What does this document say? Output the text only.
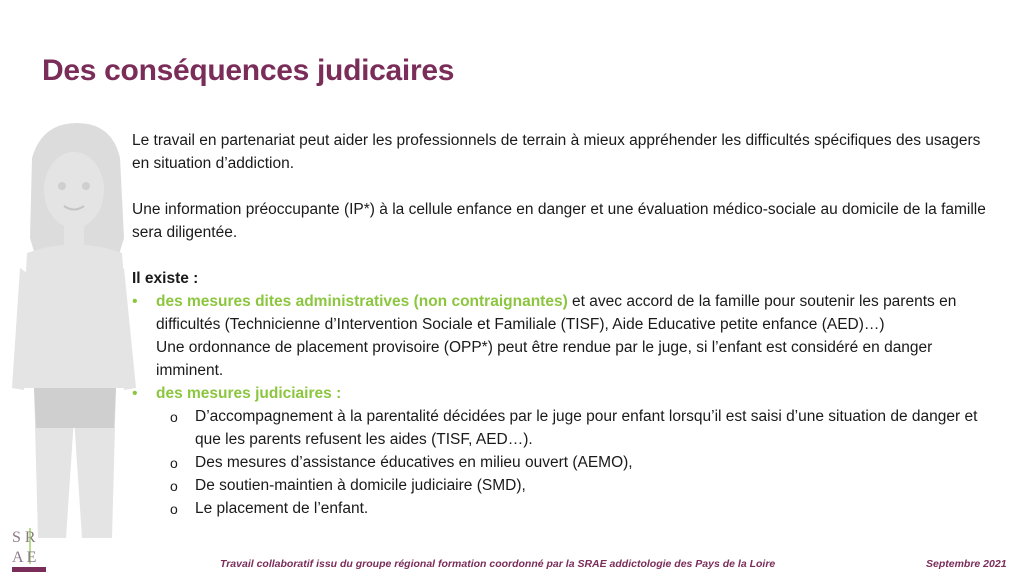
Des conséquences judicaires

Le travail en partenariat peut aider les professionnels de terrain à mieux appréhender les difficultés spécifiques des usagers en situation d’addiction.

Une information préoccupante (IP*) à la cellule enfance en danger et une évaluation médico-sociale au domicile de la famille sera diligentée.

Il existe :

• des mesures dites administratives (non contraignantes) et avec accord de la famille pour soutenir les parents en difficultés (Technicienne d’Intervention Sociale et Familiale (TISF), Aide Educative petite enfance (AED)…)
Une ordonnance de placement provisoire (OPP*) peut être rendue par le juge, si l’enfant est considéré en danger imminent.
• des mesures judiciaires :
o D’accompagnement à la parentalité décidées par le juge pour enfant lorsqu’il est saisi d’une situation de danger et que les parents refusent les aides (TISF, AED…).
o Des mesures d’assistance éducatives en milieu ouvert (AEMO),
o De soutien-maintien à domicile judiciaire (SMD),
o Le placement de l’enfant.
S R
A E	Travail collaboratif issu du groupe régional formation coordonné par la SRAE addictologie des Pays de la Loire	Septembre 2021
